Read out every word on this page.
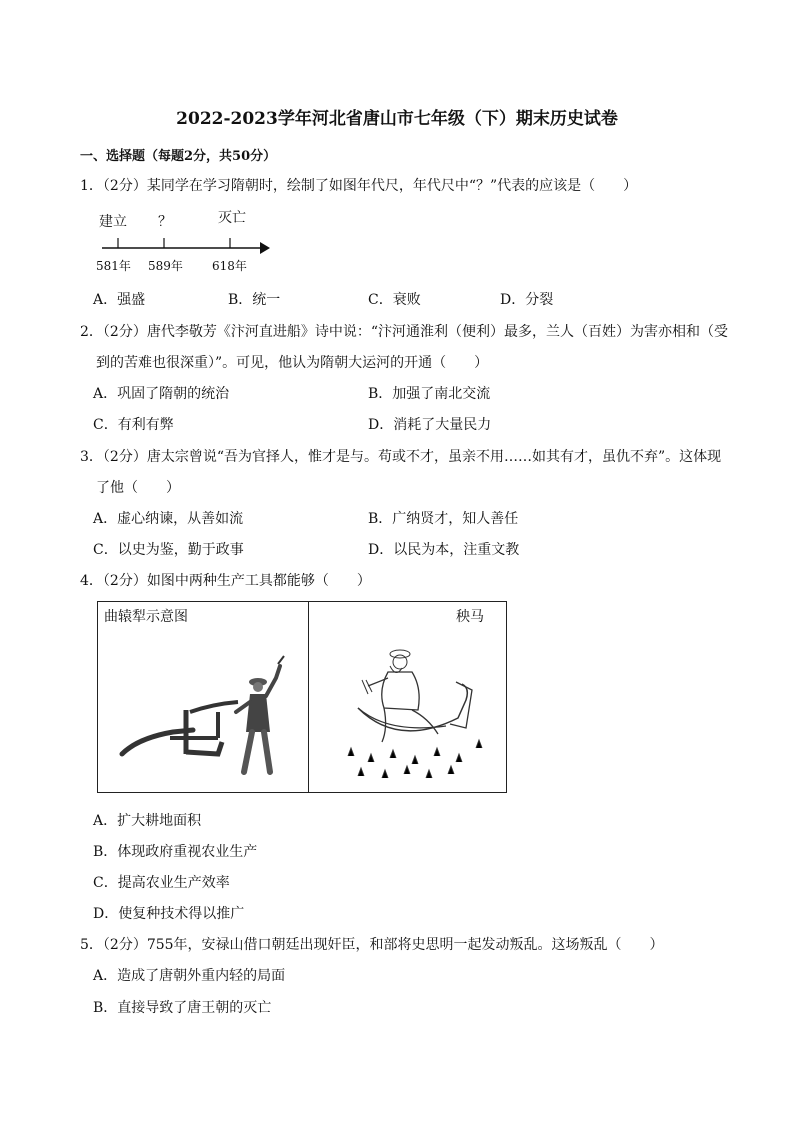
2022-2023学年河北省唐山市七年级（下）期末历史试卷
一、选择题（每题2分，共50分）
1．（2分）某同学在学习隋朝时，绘制了如图年代尺，年代尺中“？”代表的应该是（　　）
建立 ？	灭亡
581年 589年 618年
A．强盛	B．统一	C．衰败	D．分裂
2．（2分）唐代李敬芳《汴河直进船》诗中说：“汴河通淮利（便利）最多，兰人（百姓）为害亦相和（受
到的苦难也很深重）”。可见，他认为隋朝大运河的开通（　　）
A．巩固了隋朝的统治	B．加强了南北交流
C．有利有弊	D．消耗了大量民力
3．（2分）唐太宗曾说“吾为官择人，惟才是与。苟或不才，虽亲不用……如其有才，虽仇不弃”。这体现
了他（　　）
A．虚心纳谏，从善如流	B．广纳贤才，知人善任
C．以史为鉴，勤于政事	D．以民为本，注重文教
4．（2分）如图中两种生产工具都能够（　　）
曲辕犁示意图	秧马
A．扩大耕地面积
B．体现政府重视农业生产
C．提高农业生产效率
D．使复种技术得以推广
5．（2分）755年，安禄山借口朝廷出现奸臣，和部将史思明一起发动叛乱。这场叛乱（　　）
A．造成了唐朝外重内轻的局面
B．直接导致了唐王朝的灭亡
